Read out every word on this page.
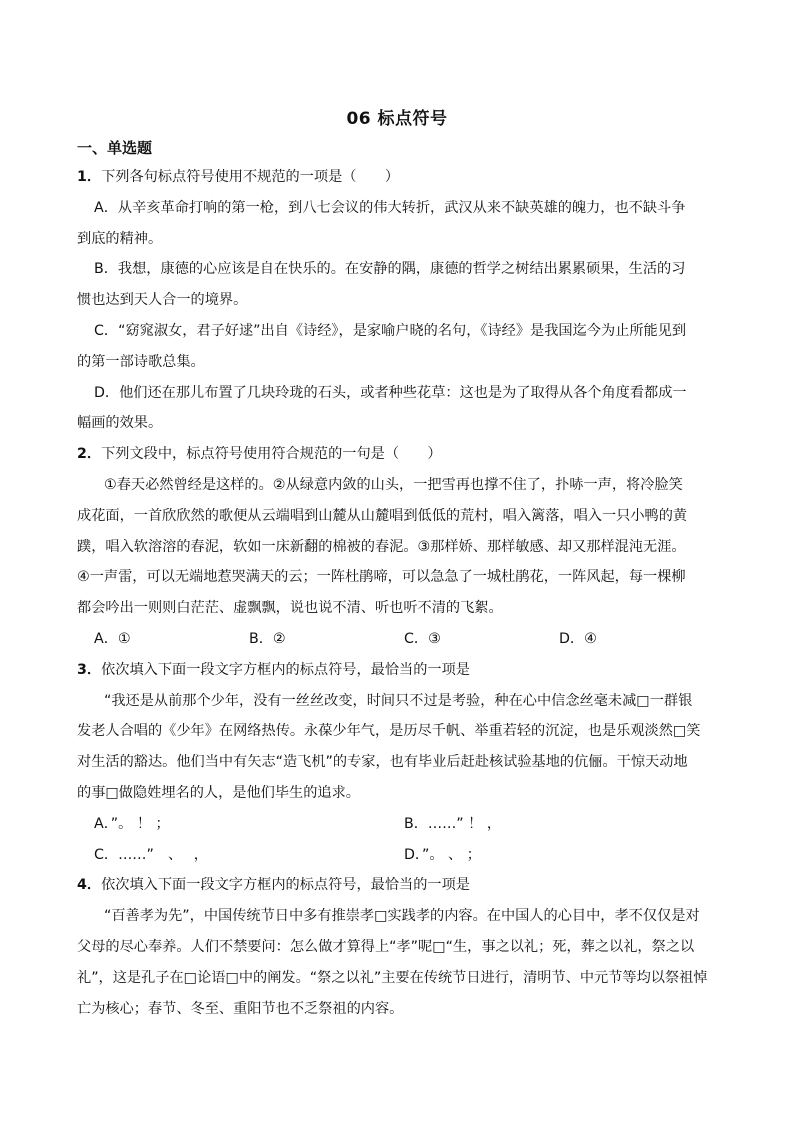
06 标点符号
一、单选题
1．下列各句标点符号使用不规范的一项是（　　）
A．从辛亥革命打响的第一枪，到八七会议的伟大转折，武汉从来不缺英雄的魄力，也不缺斗争
到底的精神。
B．我想，康德的心应该是自在快乐的。在安静的隅，康德的哲学之树结出累累硕果，生活的习
惯也达到天人合一的境界。
C．“窈窕淑女，君子好逑”出自《诗经》，是家喻户晓的名句，《诗经》是我国迄今为止所能见到
的第一部诗歌总集。
D．他们还在那儿布置了几块玲珑的石头，或者种些花草：这也是为了取得从各个角度看都成一
幅画的效果。
2．下列文段中，标点符号使用符合规范的一句是（　　）
①春天必然曾经是这样的。②从绿意内敛的山头，一把雪再也撑不住了，扑哧一声，将冷脸笑
成花面，一首欣欣然的歌便从云端唱到山麓从山麓唱到低低的荒村，唱入篱落，唱入一只小鸭的黄
蹼，唱入软溶溶的春泥，软如一床新翻的棉被的春泥。③那样娇、那样敏感、却又那样混沌无涯。
④一声雷，可以无端地惹哭满天的云；一阵杜鹃啼，可以急急了一城杜鹃花，一阵风起，每一棵柳
都会吟出一则则白茫茫、虚飘飘，说也说不清、听也听不清的飞絮。
A．①	B．②	C．③	D．④
3．依次填入下面一段文字方框内的标点符号，最恰当的一项是
“我还是从前那个少年，没有一丝丝改变，时间只不过是考验，种在心中信念丝毫未减□一群银
发老人合唱的《少年》在网络热传。永葆少年气，是历尽千帆、举重若轻的沉淀，也是乐观淡然□笑
对生活的豁达。他们当中有矢志“造飞机”的专家，也有毕业后赶赴核试验基地的伉俪。干惊天动地
的事□做隐姓埋名的人，是他们毕生的追求。
A．”。 ！ ；	B．……” ！ ，
C．……”　、　 ，	D．”。 、 ；
4．依次填入下面一段文字方框内的标点符号，最恰当的一项是
“百善孝为先”，中国传统节日中多有推崇孝□实践孝的内容。在中国人的心目中，孝不仅仅是对
父母的尽心奉养。人们不禁要问：怎么做才算得上“孝”呢□“生，事之以礼；死，葬之以礼，祭之以
礼”，这是孔子在□论语□中的阐发。“祭之以礼”主要在传统节日进行，清明节、中元节等均以祭祖悼
亡为核心；春节、冬至、重阳节也不乏祭祖的内容。
